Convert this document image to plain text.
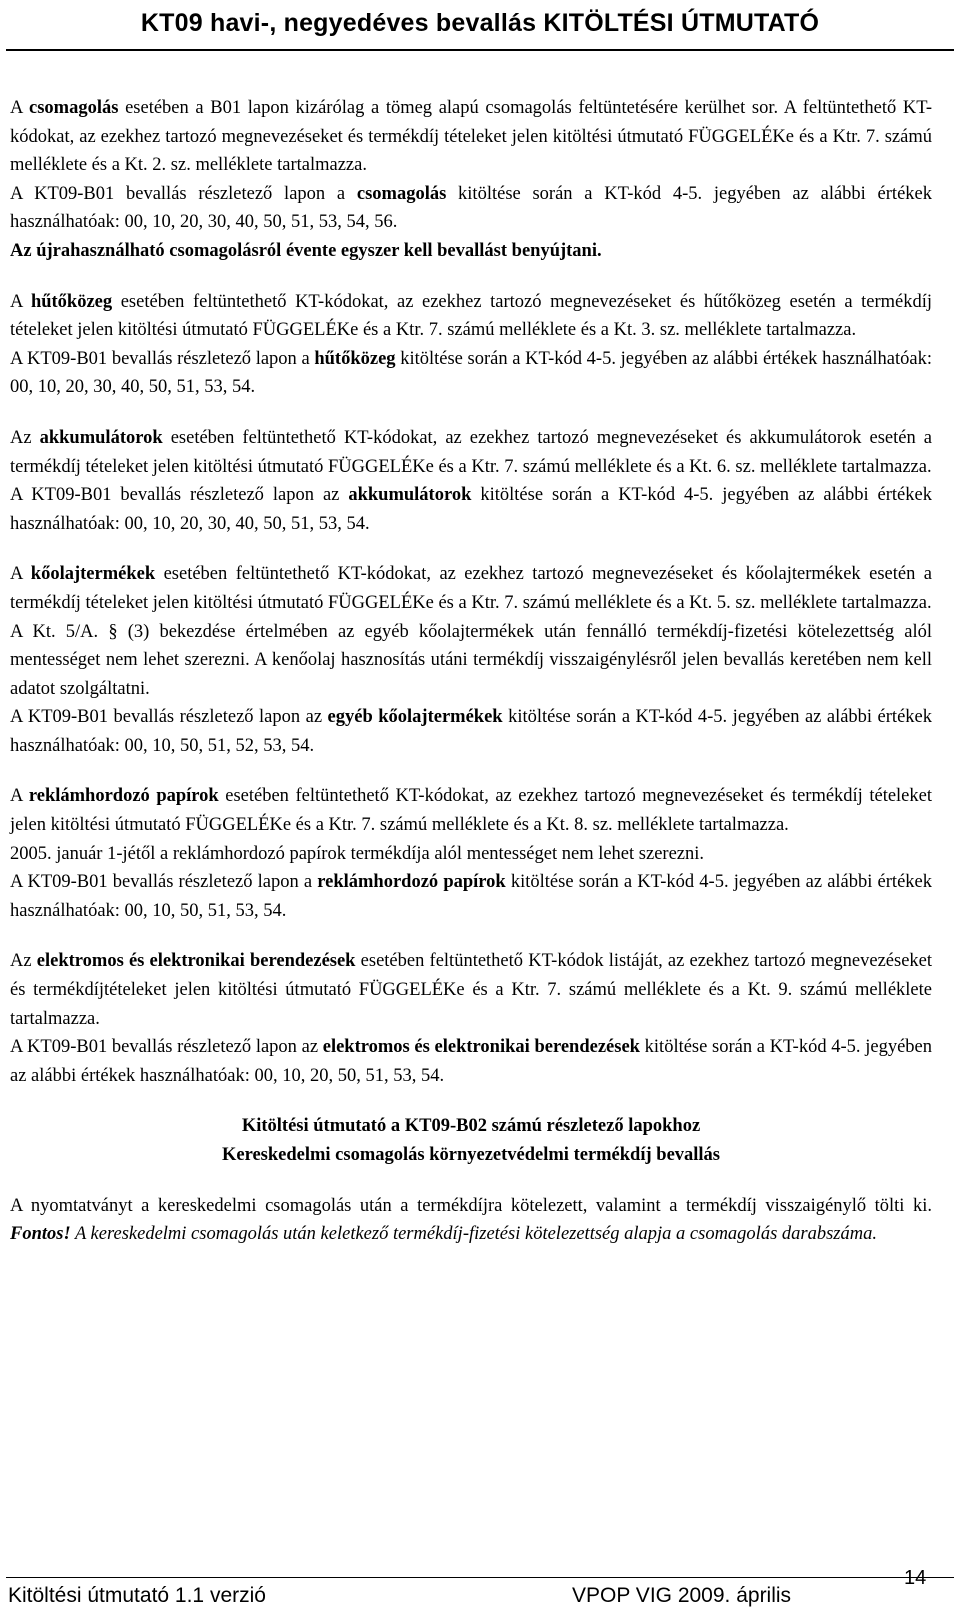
KT09 havi-, negyedéves bevallás KITÖLTÉSI ÚTMUTATÓ

A csomagolás esetében a B01 lapon kizárólag a tömeg alapú csomagolás feltüntetésére kerülhet sor. A feltüntethető KT-kódokat, az ezekhez tartozó megnevezéseket és termékdíj tételeket jelen kitöltési útmutató FÜGGELÉKe és a Ktr. 7. számú melléklete és a Kt. 2. sz. melléklete tartalmazza.

A KT09-B01 bevallás részletező lapon a csomagolás kitöltése során a KT-kód 4-5. jegyében az alábbi értékek használhatóak: 00, 10, 20, 30, 40, 50, 51, 53, 54, 56.

Az újrahasználható csomagolásról évente egyszer kell bevallást benyújtani.

A hűtőközeg esetében feltüntethető KT-kódokat, az ezekhez tartozó megnevezéseket és hűtőközeg esetén a termékdíj tételeket jelen kitöltési útmutató FÜGGELÉKe és a Ktr. 7. számú melléklete és a Kt. 3. sz. melléklete tartalmazza.

A KT09-B01 bevallás részletező lapon a hűtőközeg kitöltése során a KT-kód 4-5. jegyében az alábbi értékek használhatóak: 00, 10, 20, 30, 40, 50, 51, 53, 54.

Az akkumulátorok esetében feltüntethető KT-kódokat, az ezekhez tartozó megnevezéseket és akkumulátorok esetén a termékdíj tételeket jelen kitöltési útmutató FÜGGELÉKe és a Ktr. 7. számú melléklete és a Kt. 6. sz. melléklete tartalmazza.

A KT09-B01 bevallás részletező lapon az akkumulátorok kitöltése során a KT-kód 4-5. jegyében az alábbi értékek használhatóak: 00, 10, 20, 30, 40, 50, 51, 53, 54.

A kőolajtermékek esetében feltüntethető KT-kódokat, az ezekhez tartozó megnevezéseket és kőolajtermékek esetén a termékdíj tételeket jelen kitöltési útmutató FÜGGELÉKe és a Ktr. 7. számú melléklete és a Kt. 5. sz. melléklete tartalmazza.

A Kt. 5/A. § (3) bekezdése értelmében az egyéb kőolajtermékek után fennálló termékdíj-fizetési kötelezettség alól mentességet nem lehet szerezni. A kenőolaj hasznosítás utáni termékdíj visszaigénylésről jelen bevallás keretében nem kell adatot szolgáltatni.

A KT09-B01 bevallás részletező lapon az egyéb kőolajtermékek kitöltése során a KT-kód 4-5. jegyében az alábbi értékek használhatóak: 00, 10, 50, 51, 52, 53, 54.

A reklámhordozó papírok esetében feltüntethető KT-kódokat, az ezekhez tartozó megnevezéseket és termékdíj tételeket jelen kitöltési útmutató FÜGGELÉKe és a Ktr. 7. számú melléklete és a Kt. 8. sz. melléklete tartalmazza.

2005. január 1-jétől a reklámhordozó papírok termékdíja alól mentességet nem lehet szerezni.

A KT09-B01 bevallás részletező lapon a reklámhordozó papírok kitöltése során a KT-kód 4-5. jegyében az alábbi értékek használhatóak: 00, 10, 50, 51, 53, 54.

Az elektromos és elektronikai berendezések esetében feltüntethető KT-kódok listáját, az ezekhez tartozó megnevezéseket és termékdíjtételeket jelen kitöltési útmutató FÜGGELÉKe és a Ktr. 7. számú melléklete és a Kt. 9. számú melléklete tartalmazza.

A KT09-B01 bevallás részletező lapon az elektromos és elektronikai berendezések kitöltése során a KT-kód 4-5. jegyében az alábbi értékek használhatóak: 00, 10, 20, 50, 51, 53, 54.

Kitöltési útmutató a KT09-B02 számú részletező lapokhoz

Kereskedelmi csomagolás környezetvédelmi termékdíj bevallás

A nyomtatványt a kereskedelmi csomagolás után a termékdíjra kötelezett, valamint a termékdíj visszaigénylő tölti ki. Fontos! A kereskedelmi csomagolás után keletkező termékdíj-fizetési kötelezettség alapja a csomagolás darabszáma.

Kitöltési útmutató 1.1 verzió	VPOP VIG 2009. április
14
